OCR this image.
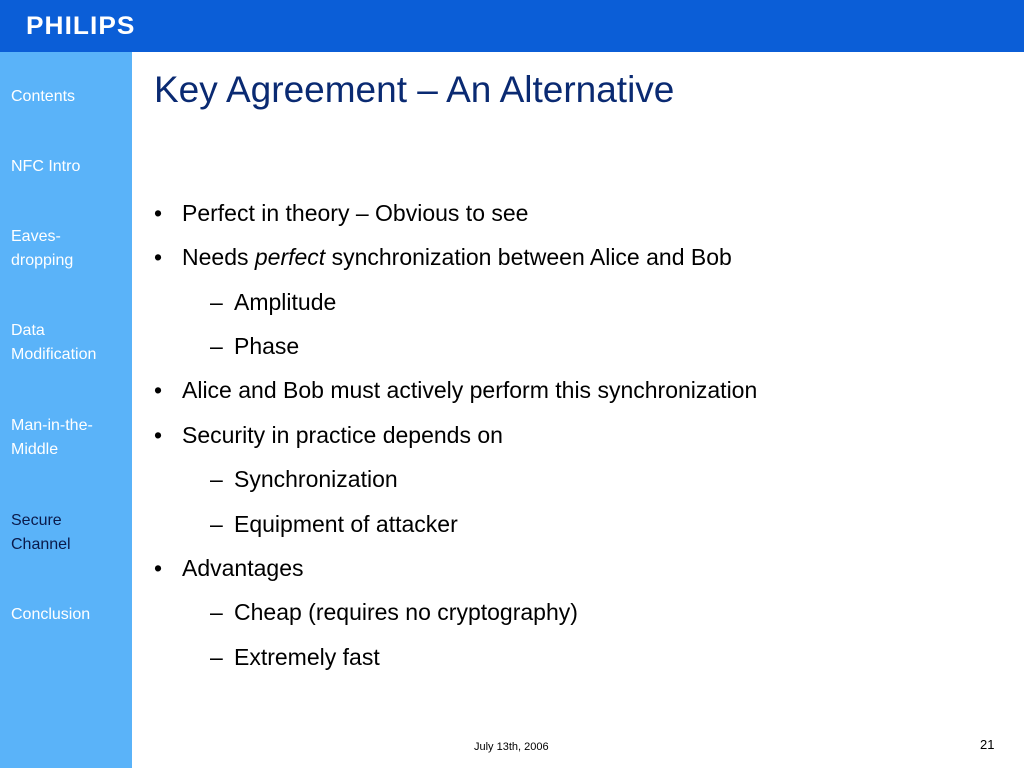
PHILIPS
Contents
NFC Intro
Eaves-
dropping
Data
Modification
Man-in-the-
Middle
Secure
Channel
Conclusion
Key Agreement – An Alternative
• Perfect in theory – Obvious to see
• Needs perfect synchronization between Alice and Bob
– Amplitude
– Phase
• Alice and Bob must actively perform this synchronization
• Security in practice depends on
– Synchronization
– Equipment of attacker
• Advantages
– Cheap (requires no cryptography)
– Extremely fast
July 13th, 2006	21
